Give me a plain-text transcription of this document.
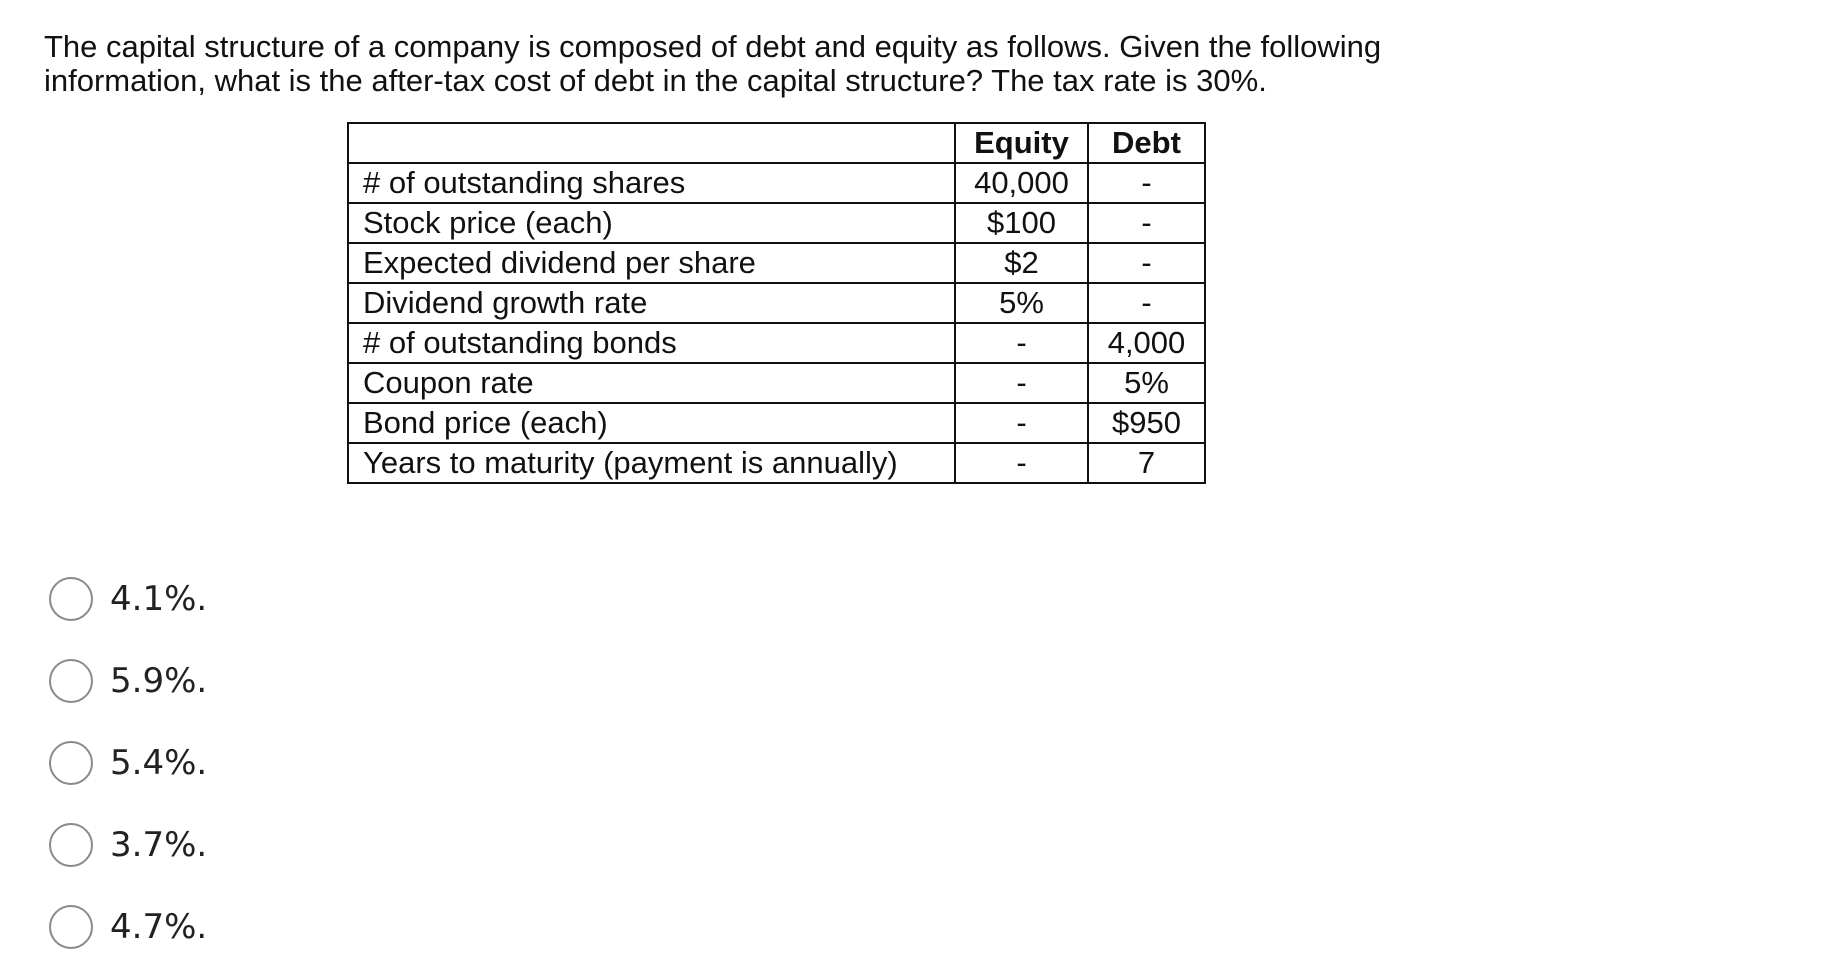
The capital structure of a company is composed of debt and equity as follows. Given the following
information, what is the after-tax cost of debt in the capital structure? The tax rate is 30%.

	Equity	Debt
# of outstanding shares	40,000	-
Stock price (each)	$100	-
Expected dividend per share	$2	-
Dividend growth rate	5%	-
# of outstanding bonds	-	4,000
Coupon rate	-	5%
Bond price (each)	-	$950
Years to maturity (payment is annually)	-	7
4.1%.
5.9%.
5.4%.
3.7%.
4.7%.
